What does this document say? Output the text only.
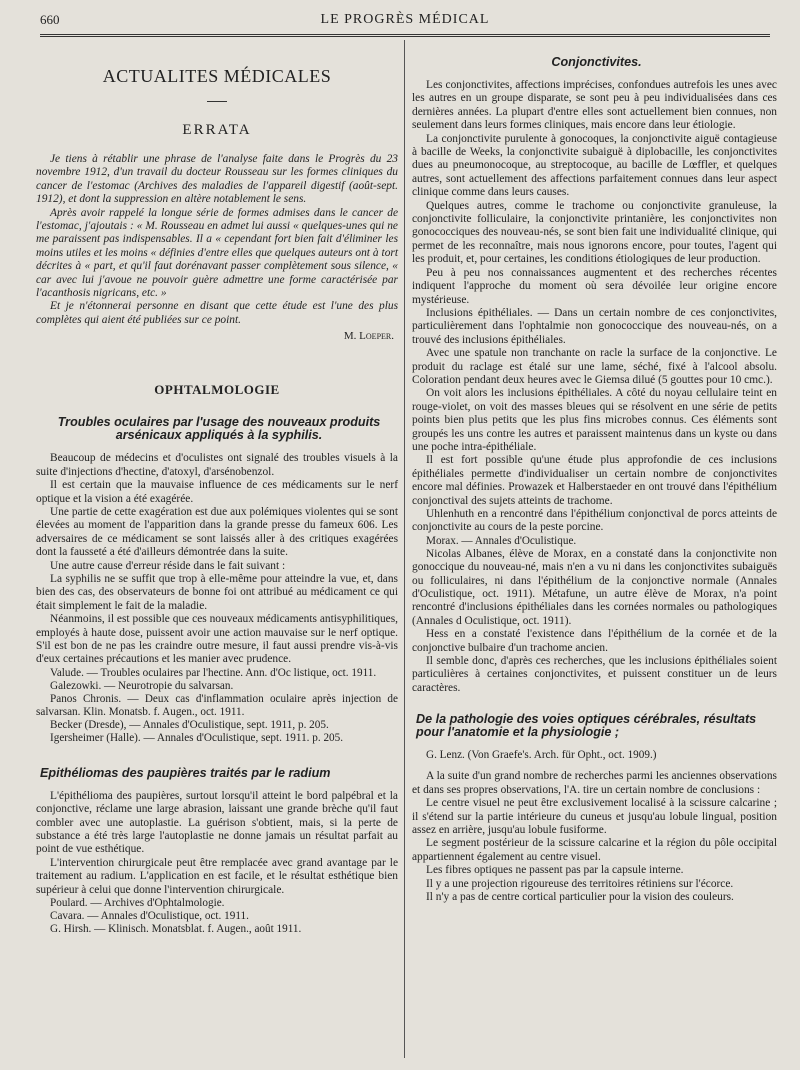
660	LE PROGRÈS MÉDICAL
ACTUALITES MÉDICALES
ERRATA

Je tiens à rétablir une phrase de l'analyse faite dans le Progrès du 23 novembre 1912, d'un travail du docteur Rousseau sur les formes cliniques du cancer de l'estomac (Archives des maladies de l'appareil digestif (août-sept. 1912), et dont la suppression en altère notablement le sens.

Après avoir rappelé la longue série de formes admises dans le cancer de l'estomac, j'ajoutais : « M. Rousseau en admet lui aussi « quelques-unes qui ne me paraissent pas indispensables. Il a « cependant fort bien fait d'éliminer les moins utiles et les moins « définies d'entre elles que quelques auteurs ont à tort décrites à « part, et qu'il faut dorénavant passer complètement sous silence, « car avec lui j'avoue ne pouvoir guère admettre une forme caractérisée par l'acanthosis nigricans, etc. »

Et je n'étonnerai personne en disant que cette étude est l'une des plus complètes qui aient été publiées sur ce point.

M. Loeper.
OPHTALMOLOGIE
Troubles oculaires par l'usage des nouveaux produits arsénicaux appliqués à la syphilis.

Beaucoup de médecins et d'oculistes ont signalé des troubles visuels à la suite d'injections d'hectine, d'atoxyl, d'arsénobenzol.

Il est certain que la mauvaise influence de ces médicaments sur le nerf optique et la vision a été exagérée.

Une partie de cette exagération est due aux polémiques violentes qui se sont élevées au moment de l'apparition dans la grande presse du fameux 606. Les adversaires de ce médicament se sont laissés aller à des critiques exagérées dont la fausseté a été d'ailleurs démontrée dans la suite.

Une autre cause d'erreur réside dans le fait suivant :

La syphilis ne se suffit que trop à elle-même pour atteindre la vue, et, dans bien des cas, des observateurs de bonne foi ont attribué au médicament ce qui était simplement le fait de la maladie.

Néanmoins, il est possible que ces nouveaux médicaments antisyphilitiques, employés à haute dose, puissent avoir une action mauvaise sur le nerf optique. S'il est bon de ne pas les craindre outre mesure, il faut aussi prendre vis-à-vis d'eux certaines précautions et les manier avec prudence.

Valude. — Troubles oculaires par l'hectine. Ann. d'Oc listique, oct. 1911.

Galezowki. — Neurotropie du salvarsan.

Panos Chronis. — Deux cas d'inflammation oculaire après injection de salvarsan. Klin. Monatsb. f. Augen., oct. 1911.

Becker (Dresde), — Annales d'Oculistique, sept. 1911, p. 205.

Igersheimer (Halle). — Annales d'Oculistique, sept. 1911. p. 205.

Epithéliomas des paupières traités par le radium

L'épithélioma des paupières, surtout lorsqu'il atteint le bord palpébral et la conjonctive, réclame une large abrasion, laissant une grande brèche qu'il faut combler avec une autoplastie. La guérison s'obtient, mais, si la perte de substance a été très large l'autoplastie ne donne jamais un résultat parfait au point de vue esthétique.

L'intervention chirurgicale peut être remplacée avec grand avantage par le traitement au radium. L'application en est facile, et le résultat esthétique bien supérieur à celui que donne l'intervention chirurgicale.

Poulard. — Archives d'Ophtalmologie.

Cavara. — Annales d'Oculistique, oct. 1911.

G. Hirsh. — Klinisch. Monatsblat. f. Augen., août 1911.

Conjonctivites.

Les conjonctivites, affections imprécises, confondues autrefois les unes avec les autres en un groupe disparate, se sont peu à peu individualisées dans ces dernières années. La plupart d'entre elles sont actuellement bien connues, non seulement dans leurs formes cliniques, mais encore dans leur étiologie.

La conjonctivite purulente à gonocoques, la conjonctivite aiguë contagieuse à bacille de Weeks, la conjonctivite subaiguë à diplobacille, les conjonctivites dues au pneumonocoque, au streptocoque, au bacille de Lœffler, et quelques autres, sont actuellement des affections parfaitement connues dans leur aspect clinique comme dans leurs causes.

Quelques autres, comme le trachome ou conjonctivite granuleuse, la conjonctivite folliculaire, la conjonctivite printanière, les conjonctivites non gonococciques des nouveau-nés, se sont bien fait une individualité clinique, qui permet de les reconnaître, mais nous ignorons encore, pour toutes, l'agent qui les produit, et, pour certaines, les conditions étiologiques de leur production.

Peu à peu nos connaissances augmentent et des recherches récentes indiquent l'approche du moment où sera dévoilée leur origine encore mystérieuse.

Inclusions épithéliales. — Dans un certain nombre de ces conjonctivites, particulièrement dans l'ophtalmie non gonococcique des nouveau-nés, on a trouvé des inclusions épithéliales.

Avec une spatule non tranchante on racle la surface de la conjonctive. Le produit du raclage est étalé sur une lame, séché, fixé à l'alcool absolu. Coloration pendant deux heures avec le Giemsa dilué (5 gouttes pour 10 cmc.).

On voit alors les inclusions épithéliales. A côté du noyau cellulaire teint en rouge-violet, on voit des masses bleues qui se résolvent en une série de petits points bien plus petits que les plus fins microbes connus. Ces éléments sont groupés les uns contre les autres et paraissent maintenus dans un kyste ou dans une poche intra-épithéliale.

Il est fort possible qu'une étude plus approfondie de ces inclusions épithéliales permette d'individualiser un certain nombre de conjonctivites encore mal définies. Prowazek et Halberstaeder en ont trouvé dans l'épithélium conjonctival des sujets atteints de trachome.

Uhlenhuth en a rencontré dans l'épithélium conjonctival de porcs atteints de conjonctivite au cours de la peste porcine.

Morax. — Annales d'Oculistique.

Nicolas Albanes, élève de Morax, en a constaté dans la conjonctivite non gonoccique du nouveau-né, mais n'en a vu ni dans les conjonctivites subaiguës ou folliculaires, ni dans l'épithélium de la conjonctive normale (Annales d'Oculistique, oct. 1911). Métafune, un autre élève de Morax, n'a point rencontré d'inclusions épithéliales dans les cornées normales ou pathologiques (Annales d Oculistique, oct. 1911).

Hess en a constaté l'existence dans l'épithélium de la cornée et de la conjonctive bulbaire d'un trachome ancien.

Il semble donc, d'après ces recherches, que les inclusions épithéliales soient particulières à certaines conjonctivites, et puissent constituer un de leurs caractères.

De la pathologie des voies optiques cérébrales, résultats pour l'anatomie et la physiologie ;

G. Lenz. (Von Graefe's. Arch. für Opht., oct. 1909.)

A la suite d'un grand nombre de recherches parmi les anciennes observations et dans ses propres observations, l'A. tire un certain nombre de conclusions :

Le centre visuel ne peut être exclusivement localisé à la scissure calcarine ; il s'étend sur la partie intérieure du cuneus et jusqu'au lobule lingual, position assez en arrière, jusqu'au lobule fusiforme.

Le segment postérieur de la scissure calcarine et la région du pôle occipital appartiennent également au centre visuel.

Les fibres optiques ne passent pas par la capsule interne.

Il y a une projection rigoureuse des territoires rétiniens sur l'écorce.

Il n'y a pas de centre cortical particulier pour la vision des couleurs.
